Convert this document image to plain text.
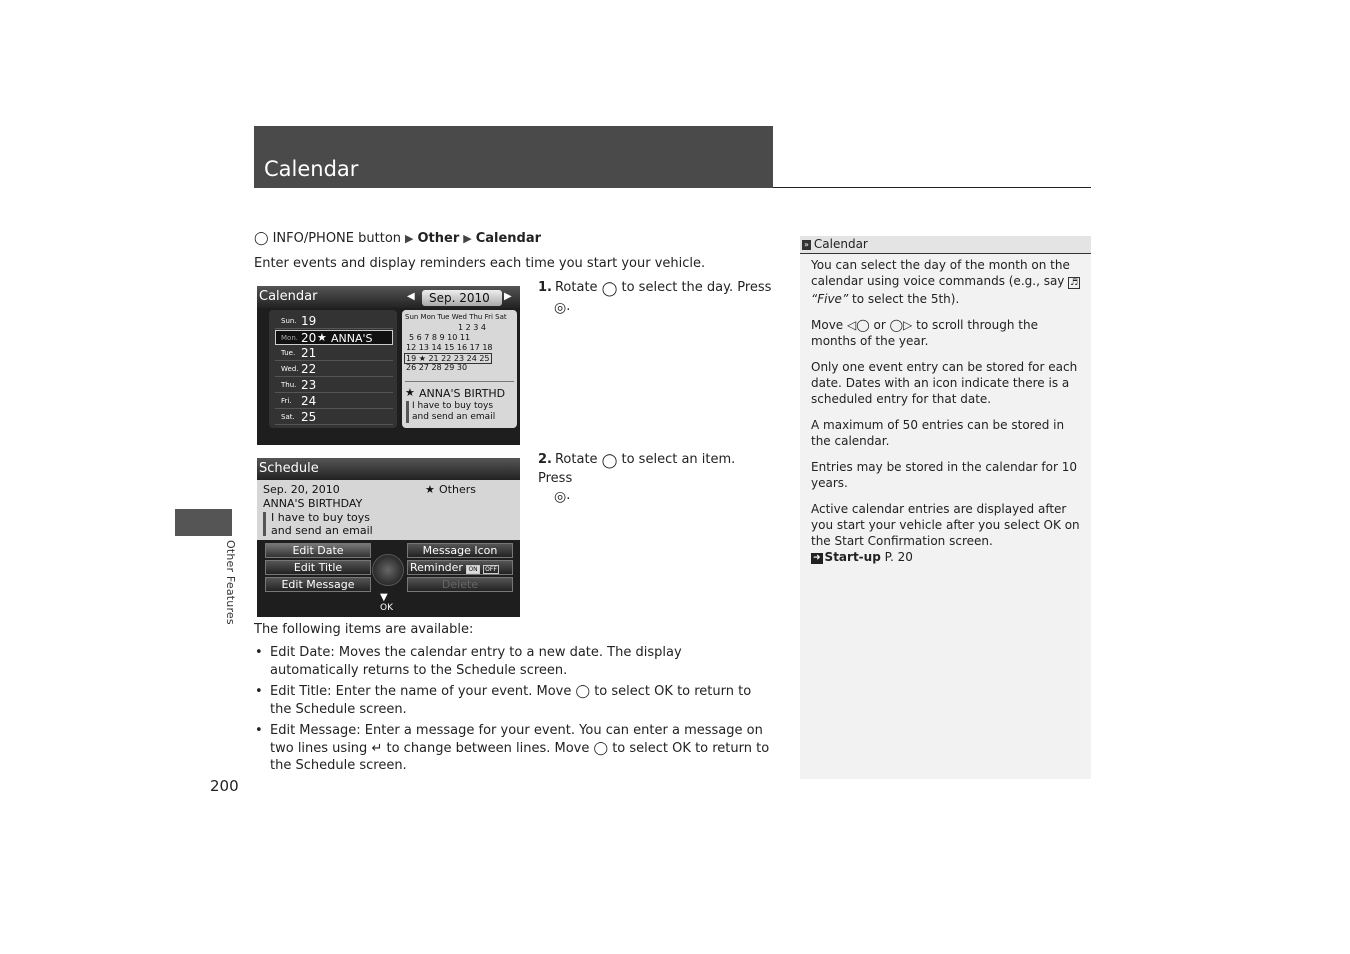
Calendar
Other Features
◯ INFO/PHONE button ▶ Other ▶ Calendar
Enter events and display reminders each time you start your vehicle.
Calendar	◀ Sep. 2010 ▶
Sun. 19
Mon. 20 ★ ANNA'S
Tue. 21
Wed. 22
Thu. 23
Fri. 24
Sat. 25
Sun Mon Tue Wed Thu Fri Sat
1 2 3 4
5 6 7 8 9 10 11
12 13 14 15 16 17 18
19 ★ 21 22 23 24 25
26 27 28 29 30
★ ANNA'S BIRTHD
I have to buy toys
and send an email
Schedule
Sep. 20, 2010	★ Others
ANNA'S BIRTHDAY
I have to buy toys
and send an email
Edit Date
Edit Title
Edit Message
Message Icon
Reminder ON OFF
Delete
▼
OK
1. Rotate ◯ to select the day. Press
◎.
2. Rotate ◯ to select an item. Press
◎.
The following items are available:
• Edit Date: Moves the calendar entry to a new date. The display automatically returns to the Schedule screen.
• Edit Title: Enter the name of your event. Move ◯ to select OK to return to the Schedule screen.
• Edit Message: Enter a message for your event. You can enter a message on two lines using ↵ to change between lines. Move ◯ to select OK to return to the Schedule screen.
200
» Calendar

You can select the day of the month on the calendar using voice commands (e.g., say ♬
“Five” to select the 5th).

Move ◁◯ or ◯▷ to scroll through the months of the year.

Only one event entry can be stored for each date. Dates with an icon indicate there is a scheduled entry for that date.

A maximum of 50 entries can be stored in the calendar.

Entries may be stored in the calendar for 10 years.

Active calendar entries are displayed after you start your vehicle after you select OK on the Start Confirmation screen.

➜ Start-up P. 20
